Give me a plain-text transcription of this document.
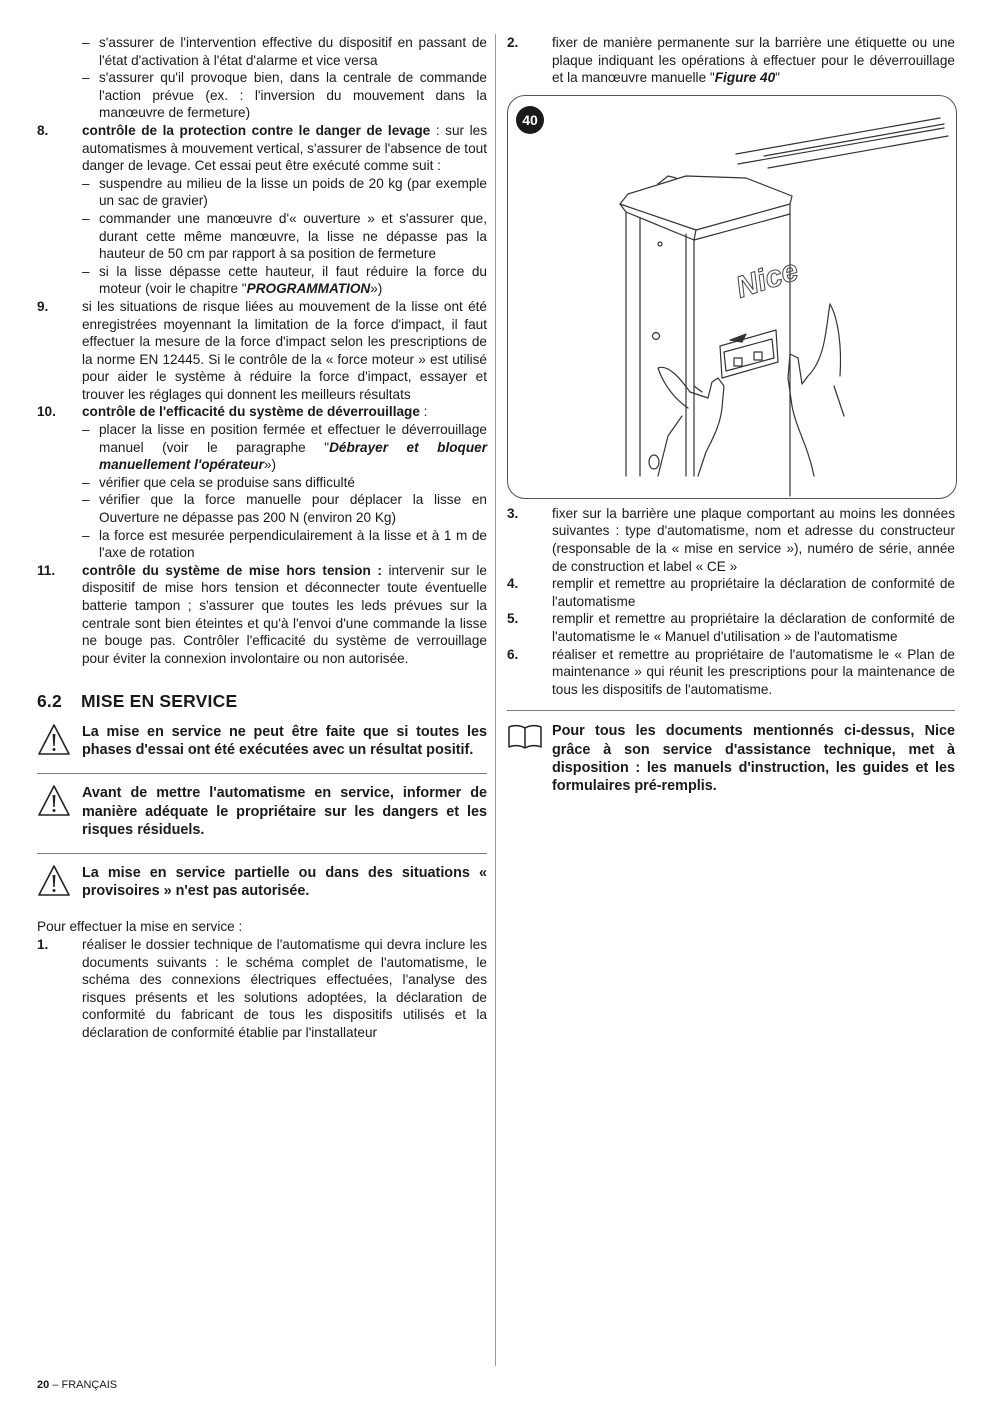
– s'assurer de l'intervention effective du dispositif en passant de l'état d'activation à l'état d'alarme et vice versa

– s'assurer qu'il provoque bien, dans la centrale de commande l'action prévue (ex. : l'inversion du mouvement dans la manœuvre de fermeture)

8. contrôle de la protection contre le danger de levage : sur les automatismes à mouvement vertical, s'assurer de l'absence de tout danger de levage. Cet essai peut être exécuté comme suit :

– suspendre au milieu de la lisse un poids de 20 kg (par exemple un sac de gravier)

– commander une manœuvre d'« ouverture » et s'assurer que, durant cette même manœuvre, la lisse ne dépasse pas la hauteur de 50 cm par rapport à sa position de fermeture

– si la lisse dépasse cette hauteur, il faut réduire la force du moteur (voir le chapitre "PROGRAMMATION»)

9. si les situations de risque liées au mouvement de la lisse ont été enregistrées moyennant la limitation de la force d'impact, il faut effectuer la mesure de la force d'impact selon les prescriptions de la norme EN 12445. Si le contrôle de la « force moteur » est utilisé pour aider le système à réduire la force d'impact, essayer et trouver les réglages qui donnent les meilleurs résultats
10. contrôle de l'efficacité du système de déverrouillage :

– placer la lisse en position fermée et effectuer le déverrouillage manuel (voir le paragraphe "Débrayer et bloquer manuellement l'opérateur»)

– vérifier que cela se produise sans difficulté

– vérifier que la force manuelle pour déplacer la lisse en Ouverture ne dépasse pas 200 N (environ 20 Kg)

– la force est mesurée perpendiculairement à la lisse et à 1 m de l'axe de rotation

11. contrôle du système de mise hors tension : intervenir sur le dispositif de mise hors tension et déconnecter toute éventuelle batterie tampon ; s'assurer que toutes les leds prévues sur la centrale sont bien éteintes et qu'à l'envoi d'une commande la lisse ne bouge pas. Contrôler l'efficacité du système de verrouillage pour éviter la connexion involontaire ou non autorisée.
6.2 MISE EN SERVICE
La mise en service ne peut être faite que si toutes les phases d'essai ont été exécutées avec un résultat positif.
Avant de mettre l'automatisme en service, informer de manière adéquate le propriétaire sur les dangers et les risques résiduels.
La mise en service partielle ou dans des situations « provisoires » n'est pas autorisée.

Pour effectuer la mise en service :

1. réaliser le dossier technique de l'automatisme qui devra inclure les documents suivants : le schéma complet de l'automatisme, le schéma des connexions électriques effectuées, l'analyse des risques présents et les solutions adoptées, la déclaration de conformité du fabricant de tous les dispositifs utilisés et la déclaration de conformité établie par l'installateur
2. fixer de manière permanente sur la barrière une étiquette ou une plaque indiquant les opérations à effectuer pour le déverrouillage et la manœuvre manuelle "Figure 40"
40
Nice
3. fixer sur la barrière une plaque comportant au moins les données suivantes : type d'automatisme, nom et adresse du constructeur (responsable de la « mise en service »), numéro de série, année de construction et label « CE »
4. remplir et remettre au propriétaire la déclaration de conformité de l'automatisme
5. remplir et remettre au propriétaire la déclaration de conformité de l'automatisme le « Manuel d'utilisation » de l'automatisme
6. réaliser et remettre au propriétaire de l'automatisme le « Plan de maintenance » qui réunit les prescriptions pour la maintenance de tous les dispositifs de l'automatisme.
Pour tous les documents mentionnés ci-dessus, Nice grâce à son service d'assistance technique, met à disposition : les manuels d'instruction, les guides et les formulaires pré-remplis.
20 – FRANÇAIS
